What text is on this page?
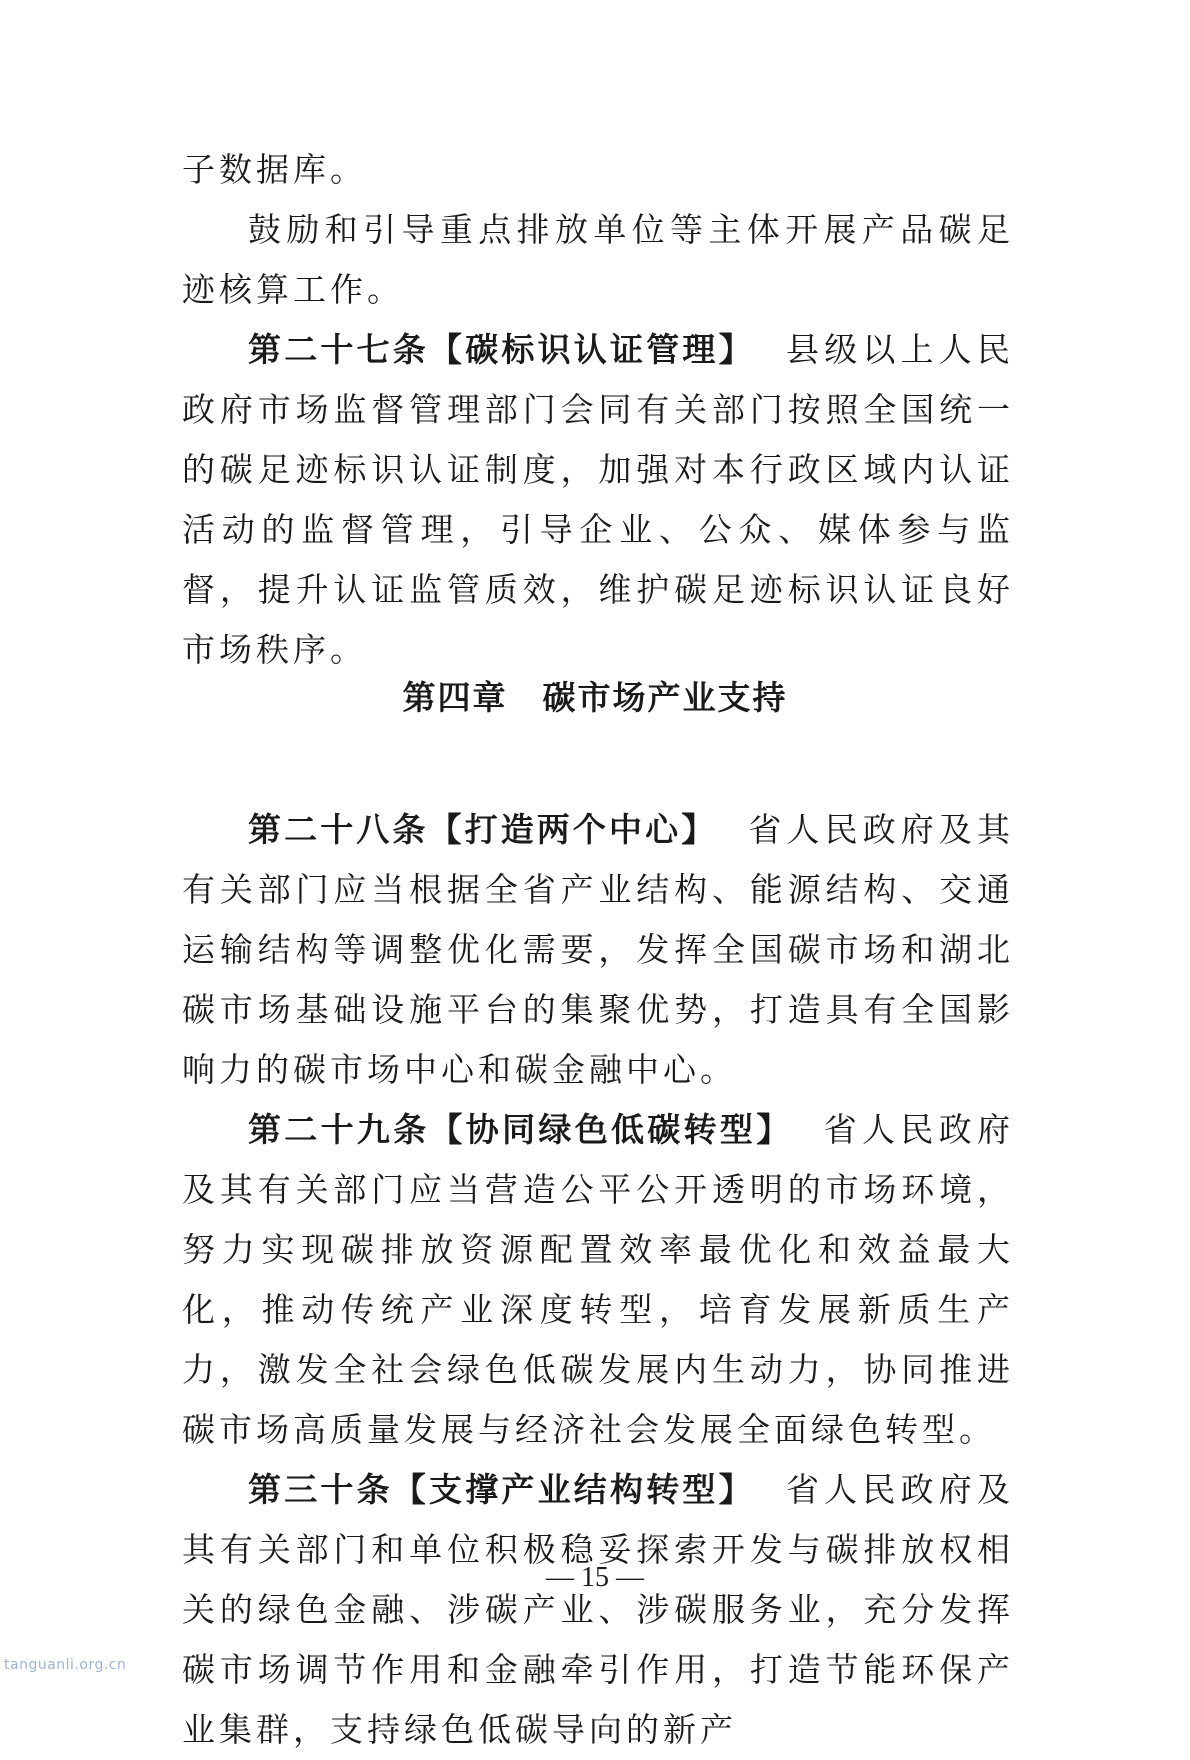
子数据库。

鼓励和引导重点排放单位等主体开展产品碳足迹核算工作。

第二十七条【碳标识认证管理】 县级以上人民政府市场监督管理部门会同有关部门按照全国统一的碳足迹标识认证制度，加强对本行政区域内认证活动的监督管理，引导企业、公众、媒体参与监督，提升认证监管质效，维护碳足迹标识认证良好市场秩序。

第四章　碳市场产业支持

第二十八条【打造两个中心】 省人民政府及其有关部门应当根据全省产业结构、能源结构、交通运输结构等调整优化需要，发挥全国碳市场和湖北碳市场基础设施平台的集聚优势，打造具有全国影响力的碳市场中心和碳金融中心。

第二十九条【协同绿色低碳转型】 省人民政府及其有关部门应当营造公平公开透明的市场环境，努力实现碳排放资源配置效率最优化和效益最大化，推动传统产业深度转型，培育发展新质生产力，激发全社会绿色低碳发展内生动力，协同推进碳市场高质量发展与经济社会发展全面绿色转型。

第三十条【支撑产业结构转型】 省人民政府及其有关部门和单位积极稳妥探索开发与碳排放权相关的绿色金融、涉碳产业、涉碳服务业，充分发挥碳市场调节作用和金融牵引作用，打造节能环保产业集群，支持绿色低碳导向的新产

— 15 —
tanguanli.org.cn
